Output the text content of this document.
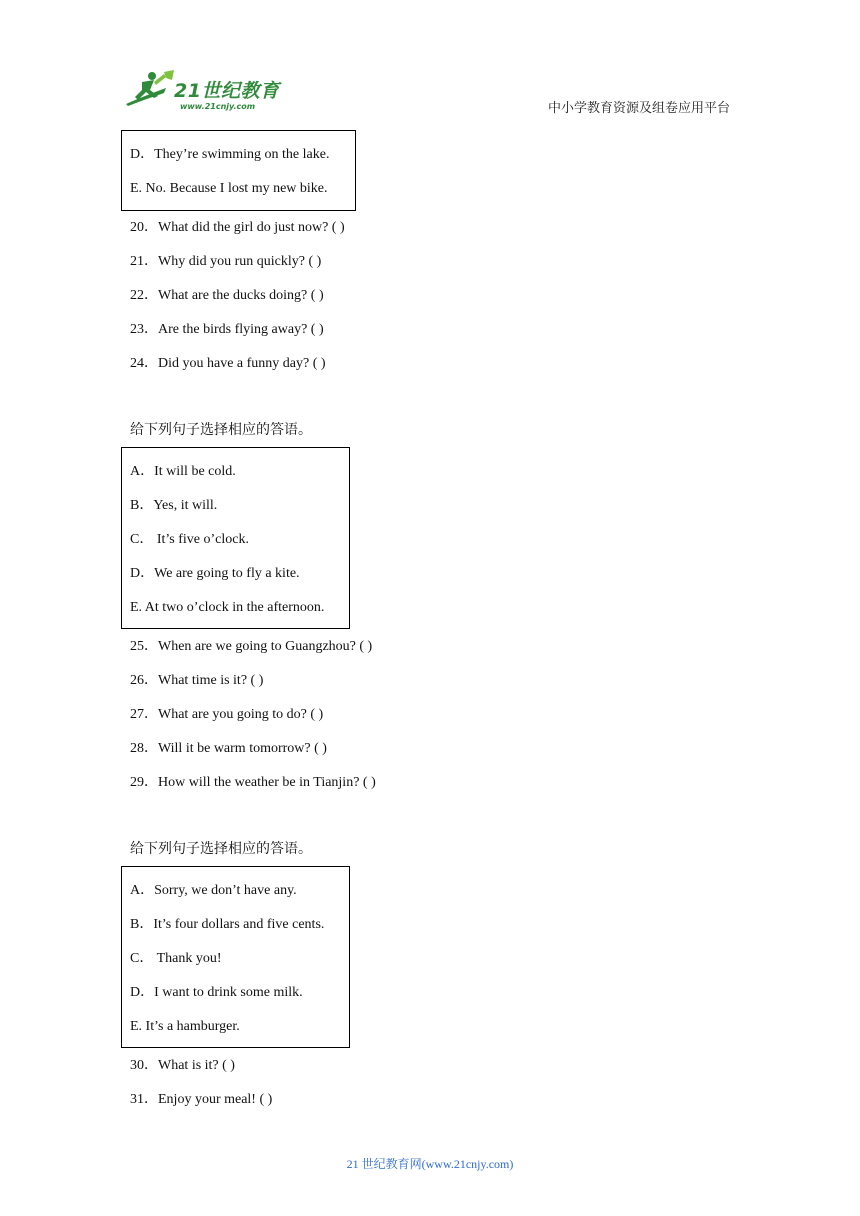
21世纪教育
www.21cnjy.com	中小学教育资源及组卷应用平台
D．They’re swimming on the lake.
E. No. Because I lost my new bike.
20．What did the girl do just now? ( )
21．Why did you run quickly? ( )
22．What are the ducks doing? ( )
23．Are the birds flying away? ( )
24．Did you have a funny day? ( )
给下列句子选择相应的答语。
A．It will be cold.
B．Yes, it will.
C． It’s five o’clock.
D．We are going to fly a kite.
E. At two o’clock in the afternoon.
25．When are we going to Guangzhou? ( )
26．What time is it? ( )
27．What are you going to do? ( )
28．Will it be warm tomorrow? ( )
29．How will the weather be in Tianjin? ( )
给下列句子选择相应的答语。
A．Sorry, we don’t have any.
B．It’s four dollars and five cents.
C． Thank you!
D．I want to drink some milk.
E. It’s a hamburger.
30．What is it? ( )
31．Enjoy your meal! ( )
21 世纪教育网(www.21cnjy.com)
